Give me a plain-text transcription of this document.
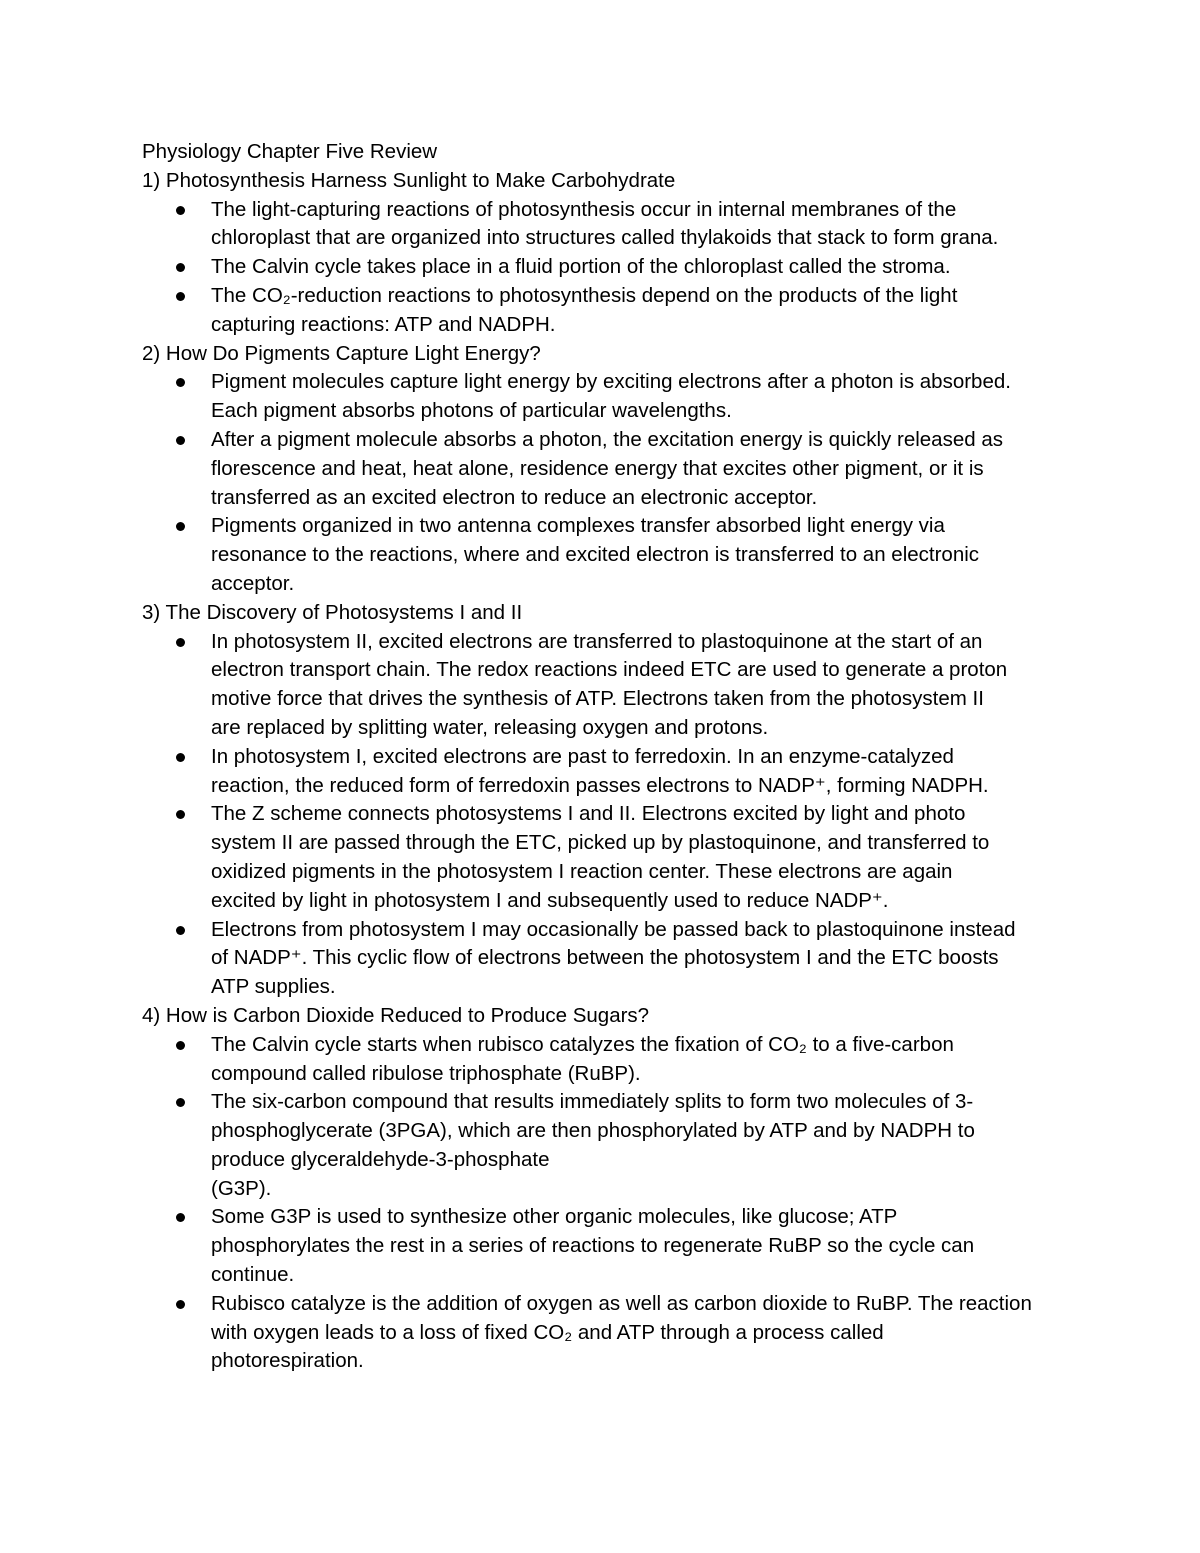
Physiology Chapter Five Review

1) Photosynthesis Harness Sunlight to Make Carbohydrate

The light-capturing reactions of photosynthesis occur in internal membranes of the
chloroplast that are organized into structures called thylakoids that stack to form grana.
The Calvin cycle takes place in a fluid portion of the chloroplast called the stroma.
The CO₂-reduction reactions to photosynthesis depend on the products of the light
capturing reactions: ATP and NADPH.

2) How Do Pigments Capture Light Energy?

Pigment molecules capture light energy by exciting electrons after a photon is absorbed.
Each pigment absorbs photons of particular wavelengths.
After a pigment molecule absorbs a photon, the excitation energy is quickly released as
florescence and heat, heat alone, residence energy that excites other pigment, or it is
transferred as an excited electron to reduce an electronic acceptor.
Pigments organized in two antenna complexes transfer absorbed light energy via
resonance to the reactions, where and excited electron is transferred to an electronic
acceptor.

3) The Discovery of Photosystems I and II

In photosystem II, excited electrons are transferred to plastoquinone at the start of an
electron transport chain. The redox reactions indeed ETC are used to generate a proton
motive force that drives the synthesis of ATP. Electrons taken from the photosystem II
are replaced by splitting water, releasing oxygen and protons.
In photosystem I, excited electrons are past to ferredoxin. In an enzyme-catalyzed
reaction, the reduced form of ferredoxin passes electrons to NADP⁺, forming NADPH.
The Z scheme connects photosystems I and II. Electrons excited by light and photo
system II are passed through the ETC, picked up by plastoquinone, and transferred to
oxidized pigments in the photosystem I reaction center. These electrons are again
excited by light in photosystem I and subsequently used to reduce NADP⁺.
Electrons from photosystem I may occasionally be passed back to plastoquinone instead
of NADP⁺. This cyclic flow of electrons between the photosystem I and the ETC boosts
ATP supplies.

4) How is Carbon Dioxide Reduced to Produce Sugars?

The Calvin cycle starts when rubisco catalyzes the fixation of CO₂ to a five-carbon
compound called ribulose triphosphate (RuBP).
The six-carbon compound that results immediately splits to form two molecules of 3-
phosphoglycerate (3PGA), which are then phosphorylated by ATP and by NADPH to
produce glyceraldehyde-3-phosphate
(G3P).
Some G3P is used to synthesize other organic molecules, like glucose; ATP
phosphorylates the rest in a series of reactions to regenerate RuBP so the cycle can
continue.
Rubisco catalyze is the addition of oxygen as well as carbon dioxide to RuBP. The reaction
with oxygen leads to a loss of fixed CO₂ and ATP through a process called
photorespiration.
